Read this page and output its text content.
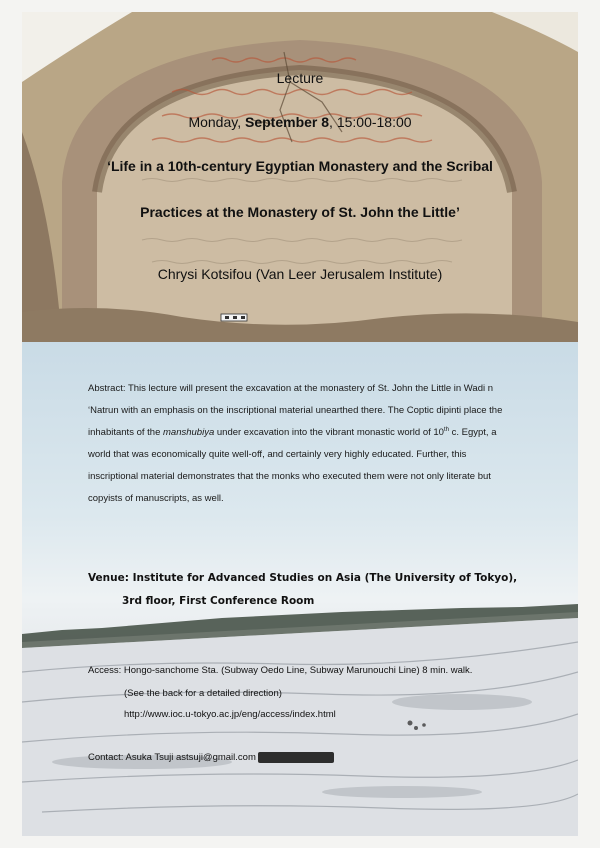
Lecture
Monday, September 8, 15:00-18:00
‘Life in a 10th-century Egyptian Monastery and the Scribal
Practices at the Monastery of St. John the Little’
Chrysi Kotsifou (Van Leer Jerusalem Institute)
Abstract: This lecture will present the excavation at the monastery of St. John the Little in Wadi n
‘Natrun with an emphasis on the inscriptional material unearthed there. The Coptic dipinti place the
inhabitants of the manshubiya under excavation into the vibrant monastic world of 10th c. Egypt, a
world that was economically quite well-off, and certainly very highly educated. Further, this
inscriptional material demonstrates that the monks who executed them were not only literate but
copyists of manuscripts, as well.
Venue: Institute for Advanced Studies on Asia (The University of Tokyo),
3rd floor, First Conference Room
Access: Hongo-sanchome Sta. (Subway Oedo Line, Subway Marunouchi Line) 8 min. walk.
(See the back for a detailed direction)
http://www.ioc.u-tokyo.ac.jp/eng/access/index.html
Contact: Asuka Tsuji astsuji@gmail.com
